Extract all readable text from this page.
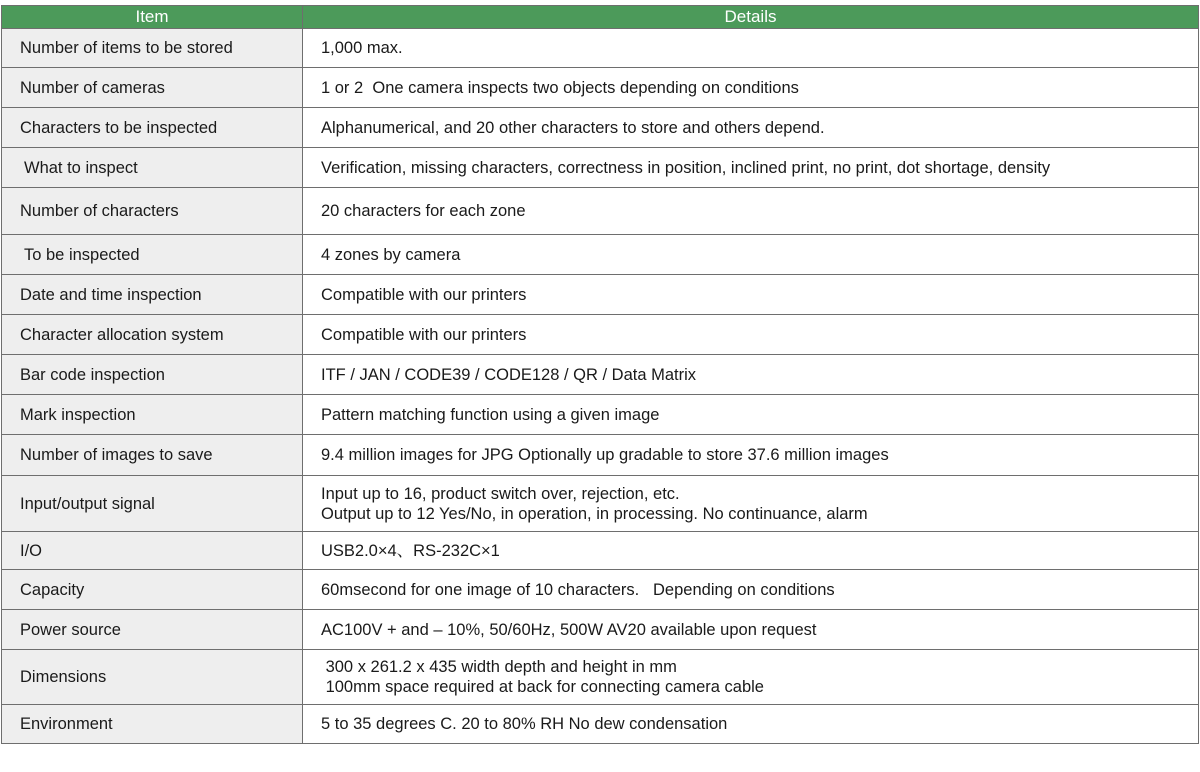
Item	Details
Number of items to be stored	1,000 max.

Number of cameras	1 or 2  One camera inspects two objects depending on conditions

Characters to be inspected	Alphanumerical, and 20 other characters to store and others depend.

What to inspect	Verification, missing characters, correctness in position, inclined print, no print, dot shortage, density

Number of characters	20 characters for each zone

To be inspected	4 zones by camera

Date and time inspection	Compatible with our printers

Character allocation system	Compatible with our printers

Bar code inspection	ITF / JAN / CODE39 / CODE128 / QR / Data Matrix

Mark inspection	Pattern matching function using a given image

Number of images to save	9.4 million images for JPG Optionally up gradable to store 37.6 million images

Input/output signal	Input up to 16, product switch over, rejection, etc.
Output up to 12 Yes/No, in operation, in processing. No continuance, alarm

I/O	USB2.0×4、RS-232C×1

Capacity	60msecond for one image of 10 characters.   Depending on conditions

Power source	AC100V + and – 10%, 50/60Hz, 500W AV20 available upon request

Dimensions	300 x 261.2 x 435 width depth and height in mm
100mm space required at back for connecting camera cable

Environment	5 to 35 degrees C. 20 to 80% RH No dew condensation
